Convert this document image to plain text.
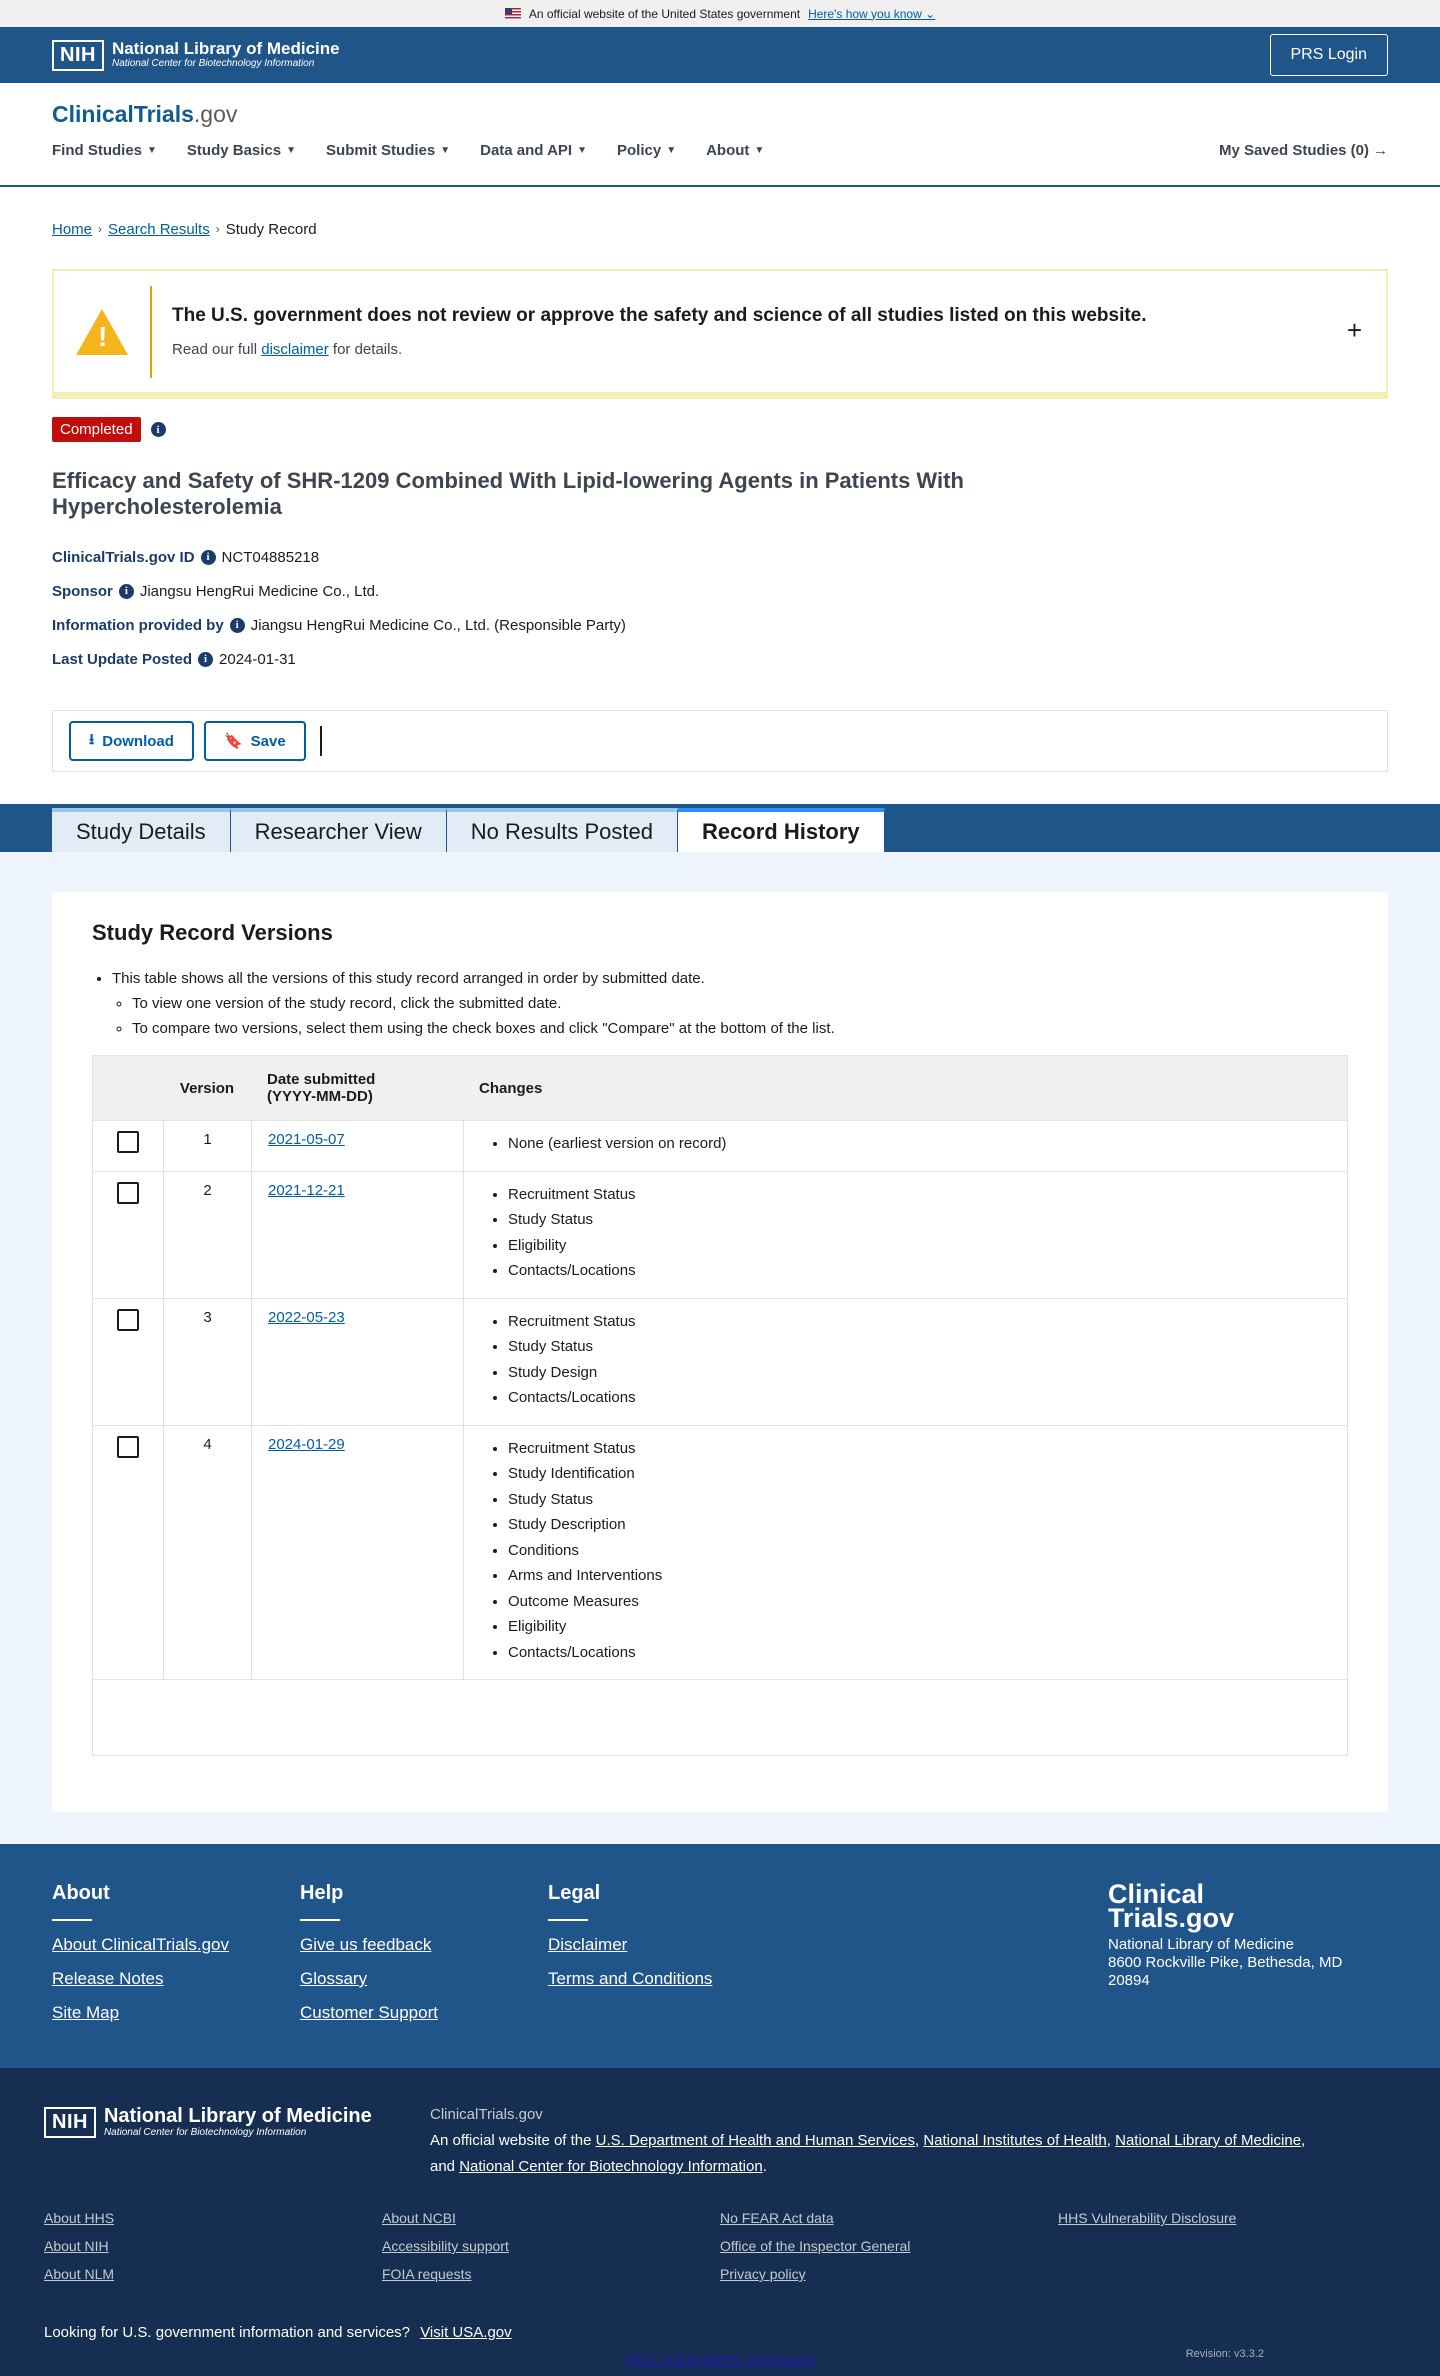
An official website of the United States government Here's how you know ⌄
NIH National Library of Medicine
National Center for Biotechnology Information
PRS Login
ClinicalTrials.gov
Find Studies ▼ Study Basics ▼ Submit Studies ▼ Data and API ▼ Policy ▼ About ▼	My Saved Studies (0) →
Home › Search Results › Study Record
!
The U.S. government does not review or approve the safety and science of all studies listed on this website.
Read our full disclaimer for details.
+
Completed	i
Efficacy and Safety of SHR-1209 Combined With Lipid-lowering Agents in Patients With Hypercholesterolemia
ClinicalTrials.gov ID	i NCT04885218
Sponsor	i Jiangsu HengRui Medicine Co., Ltd.
Information provided by	i Jiangsu HengRui Medicine Co., Ltd. (Responsible Party)
Last Update Posted	i 2024-01-31
⭳ Download	🔖 Save
Study Details	Researcher View	No Results Posted	Record History
Study Record Versions
• This table shows all the versions of this study record arranged in order by submitted date.
◦ To view one version of the study record, click the submitted date.
◦ To compare two versions, select them using the check boxes and click "Compare" at the bottom of the list.
Version	Date submitted
(YYYY-MM-DD)	Changes
1	2021-05-07	• None (earliest version on record)
2	2021-12-21	• Recruitment Status
• Study Status
• Eligibility
• Contacts/Locations
3	2022-05-23	• Recruitment Status
• Study Status
• Study Design
• Contacts/Locations
4	2024-01-29	• Recruitment Status
• Study Identification
• Study Status
• Study Description
• Conditions
• Arms and Interventions
• Outcome Measures
• Eligibility
• Contacts/Locations
About
About ClinicalTrials.gov
Release Notes
Site Map
Help
Give us feedback
Glossary
Customer Support
Legal
Disclaimer
Terms and Conditions
Clinical
Trials.gov
National Library of Medicine
8600 Rockville Pike, Bethesda, MD
20894
NIH National Library of Medicine
National Center for Biotechnology Information
ClinicalTrials.gov
An official website of the U.S. Department of Health and Human Services, National Institutes of Health, National Library of Medicine,
and National Center for Biotechnology Information.
About HHS
About NIH
About NLM
About NCBI
Accessibility support
FOIA requests
No FEAR Act data
Office of the Inspector General
Privacy policy
HHS Vulnerability Disclosure
Looking for U.S. government information and services? Visit USA.gov
Revision: v3.3.2
HHS Vulnerability Disclosure
